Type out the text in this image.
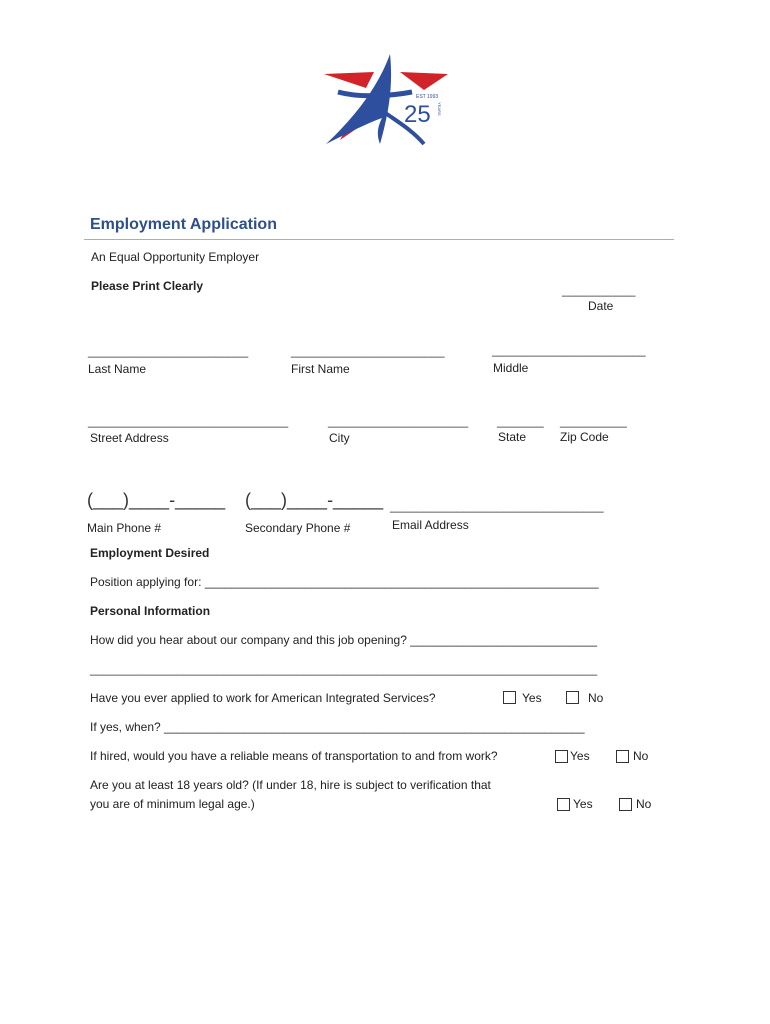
EST 1993
25 YEARS
Employment Application
An Equal Opportunity Employer
Please Print Clearly	___________
Date
________________________	_______________________	_______________________
Last Name	First Name	Middle
______________________________	_____________________ _______ __________
Street Address	City	State	Zip Code
(___)____-_____ (___)____-_____ ________________________________
Main Phone #	Secondary Phone #	Email Address
Employment Desired
Position applying for: ___________________________________________________________
Personal Information
How did you hear about our company and this job opening? ____________________________
____________________________________________________________________________
Have you ever applied to work for American Integrated Services?	Yes	No
If yes, when? _______________________________________________________________
If hired, would you have a reliable means of transportation to and from work?	Yes	No
Are you at least 18 years old? (If under 18, hire is subject to verification that
you are of minimum legal age.)	Yes	No
